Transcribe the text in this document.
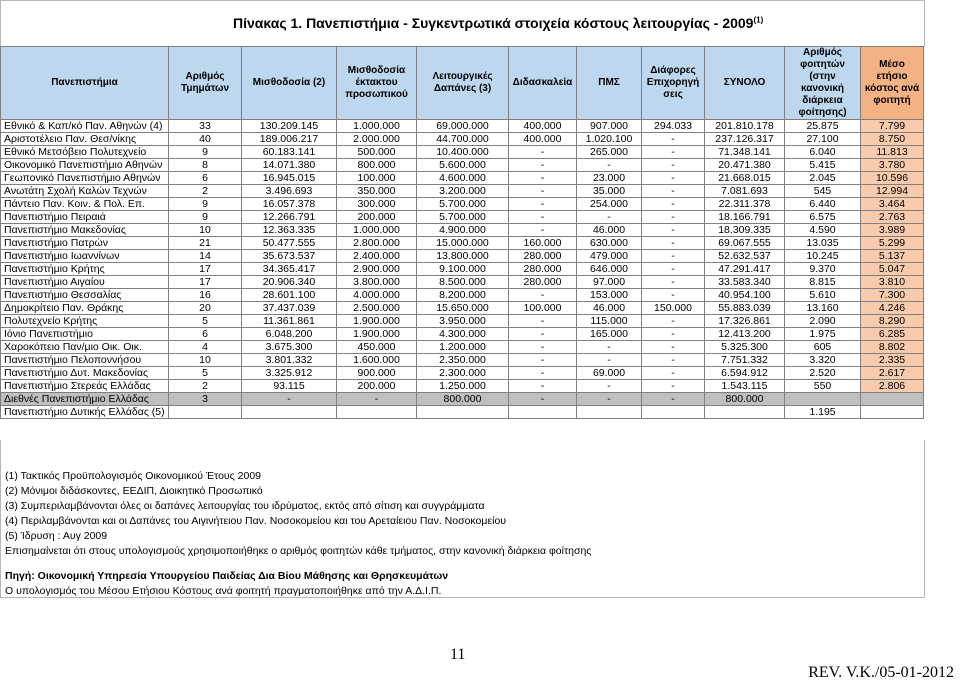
Πίνακας 1. Πανεπιστήμια - Συγκεντρωτικά στοιχεία κόστους λειτουργίας - 2009$^{(1)}$
Πανεπιστήμια	Αριθμός Τμημάτων	Μισθοδοσία (2)	Μισθοδοσία έκτακτου προσωπικού	Λειτουργικές Δαπάνες (3)	Διδασκαλεία	ΠΜΣ	Διάφορες Επιχορηγή σεις	ΣΥΝΟΛΟ	Αριθμός φοιτητών (στην κανονική διάρκεια φοίτησης)	Μέσο ετήσιο κόστος ανά φοιτητή
Εθνικό & Καπ/κό Παν. Αθηνών (4)	33	130.209.145	1.000.000	69.000.000	400.000	907.000	294.033	201.810.178	25.875	7.799
Αριστοτέλειο Παν. Θεσ/νίκης	40	189.006.217	2.000.000	44.700.000	400.000	1.020.100	-	237.126.317	27.100	8.750
Εθνικό Μετσόβειο Πολυτεχνείο	9	60.183.141	500.000	10.400.000	-	265.000	-	71.348.141	6.040	11.813
Οικονομικό Πανεπιστήμιο Αθηνών	8	14.071.380	800.000	5.600.000	-	-	-	20.471.380	5.415	3.780
Γεωπονικό Πανεπιστήμιο Αθηνών	6	16.945.015	100.000	4.600.000	-	23.000	-	21.668.015	2.045	10.596
Ανωτάτη Σχολή Καλών Τεχνών	2	3.496.693	350.000	3.200.000	-	35.000	-	7.081.693	545	12.994
Πάντειο Παν. Κοιν. & Πολ. Επ.	9	16.057.378	300.000	5.700.000	-	254.000	-	22.311.378	6.440	3.464
Πανεπιστήμιο Πειραιά	9	12.266.791	200.000	5.700.000	-	-	-	18.166.791	6.575	2.763
Πανεπιστήμιο Μακεδονίας	10	12.363.335	1.000.000	4.900.000	-	46.000	-	18.309.335	4.590	3.989
Πανεπιστήμιο Πατρών	21	50.477.555	2.800.000	15.000.000	160.000	630.000	-	69.067.555	13.035	5.299
Πανεπιστήμιο Ιωαννίνων	14	35.673.537	2.400.000	13.800.000	280.000	479.000	-	52.632.537	10.245	5.137
Πανεπιστήμιο Κρήτης	17	34.365.417	2.900.000	9.100.000	280.000	646.000	-	47.291.417	9.370	5.047
Πανεπιστήμιο Αιγαίου	17	20.906.340	3.800.000	8.500.000	280.000	97.000	-	33.583.340	8.815	3.810
Πανεπιστήμιο Θεσσαλίας	16	28.601.100	4.000.000	8.200.000	-	153.000	-	40.954.100	5.610	7.300
Δημοκρίτειο Παν. Θράκης	20	37.437.039	2.500.000	15.650.000	100.000	46.000	150.000	55.883.039	13.160	4.246
Πολυτεχνείο Κρήτης	5	11.361.861	1.900.000	3.950.000	-	115.000	-	17.326.861	2.090	8.290
Ιόνιο Πανεπιστήμιο	6	6.048.200	1.900.000	4.300.000	-	165.000	-	12.413.200	1.975	6.285
Χαροκόπειο Παν/μιο Οικ. Οικ.	4	3.675.300	450.000	1.200.000	-	-	-	5.325.300	605	8.802
Πανεπιστήμιο Πελοποννήσου	10	3.801.332	1.600.000	2.350.000	-	-	-	7.751.332	3.320	2.335
Πανεπιστήμιο Δυτ. Μακεδονίας	5	3.325.912	900.000	2.300.000	-	69.000	-	6.594.912	2.520	2.617
Πανεπιστήμιο Στερεάς Ελλάδας	2	93.115	200.000	1.250.000	-	-	-	1.543.115	550	2.806
Διεθνές Πανεπιστήμιο Ελλάδας	3	-	-	800.000	-	-	-	800.000		
Πανεπιστήμιο Δυτικής Ελλάδας (5)									1.195	
(1) Τακτικός Προϋπολογισμός Οικονομικού Έτους 2009
(2) Μόνιμοι διδάσκοντες, ΕΕΔΙΠ, Διοικητικό Προσωπικό
(3) Συμπεριλαμβάνονται όλες οι δαπάνες λειτουργίας του ιδρύματος, εκτός από σίτιση και συγγράμματα
(4) Περιλαμβάνονται και οι Δαπάνες του Αιγινήτειου Παν. Νοσοκομείου και του Αρεταίειου Παν. Νοσοκομείου
(5) Ίδρυση : Αυγ 2009
Επισημαίνεται ότι στους υπολογισμούς χρησιμοποιήθηκε ο αριθμός φοιτητών κάθε τμήματος, στην κανονική διάρκεια φοίτησης
Πηγή: Οικονομική Υπηρεσία Υπουργείου Παιδείας Δια Βίου Μάθησης και Θρησκευμάτων
Ο υπολογισμός του Μέσου Ετήσιου Κόστους ανά φοιτητή πραγματοποιήθηκε από την Α.Δ.Ι.Π.
11
REV. V.K./05-01-2012
